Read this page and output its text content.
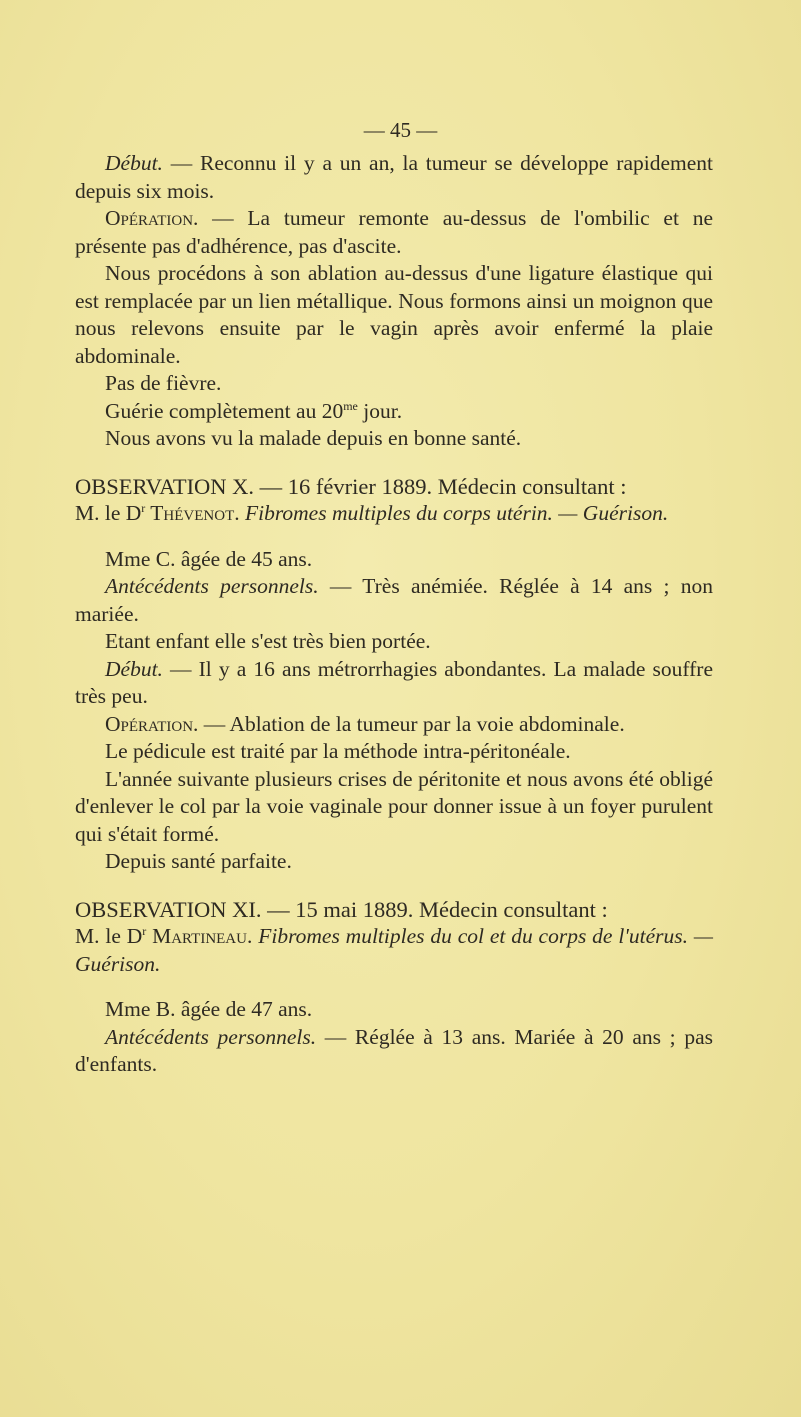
— 45 —

Début. — Reconnu il y a un an, la tumeur se développe rapidement depuis six mois.

Opération. — La tumeur remonte au-dessus de l'ombilic et ne présente pas d'adhérence, pas d'ascite.

Nous procédons à son ablation au-dessus d'une ligature élastique qui est remplacée par un lien métallique. Nous formons ainsi un moignon que nous relevons ensuite par le vagin après avoir enfermé la plaie abdominale.

Pas de fièvre.

Guérie complètement au $20^{me}$ jour.

Nous avons vu la malade depuis en bonne santé.

OBSERVATION X. — 16 février 1889. Médecin consultant :

M. le $D^r$ Thévenot. Fibromes multiples du corps utérin. — Guérison.

Mme C. âgée de 45 ans.

Antécédents personnels. — Très anémiée. Réglée à 14 ans ; non mariée.

Etant enfant elle s'est très bien portée.

Début. — Il y a 16 ans métrorrhagies abondantes. La malade souffre très peu.

Opération. — Ablation de la tumeur par la voie abdominale.

Le pédicule est traité par la méthode intra-péritonéale.

L'année suivante plusieurs crises de péritonite et nous avons été obligé d'enlever le col par la voie vaginale pour donner issue à un foyer purulent qui s'était formé.

Depuis santé parfaite.

OBSERVATION XI. — 15 mai 1889. Médecin consultant :

M. le $D^r$ Martineau. Fibromes multiples du col et du corps de l'utérus. — Guérison.

Mme B. âgée de 47 ans.

Antécédents personnels. — Réglée à 13 ans. Mariée à 20 ans ; pas d'enfants.
